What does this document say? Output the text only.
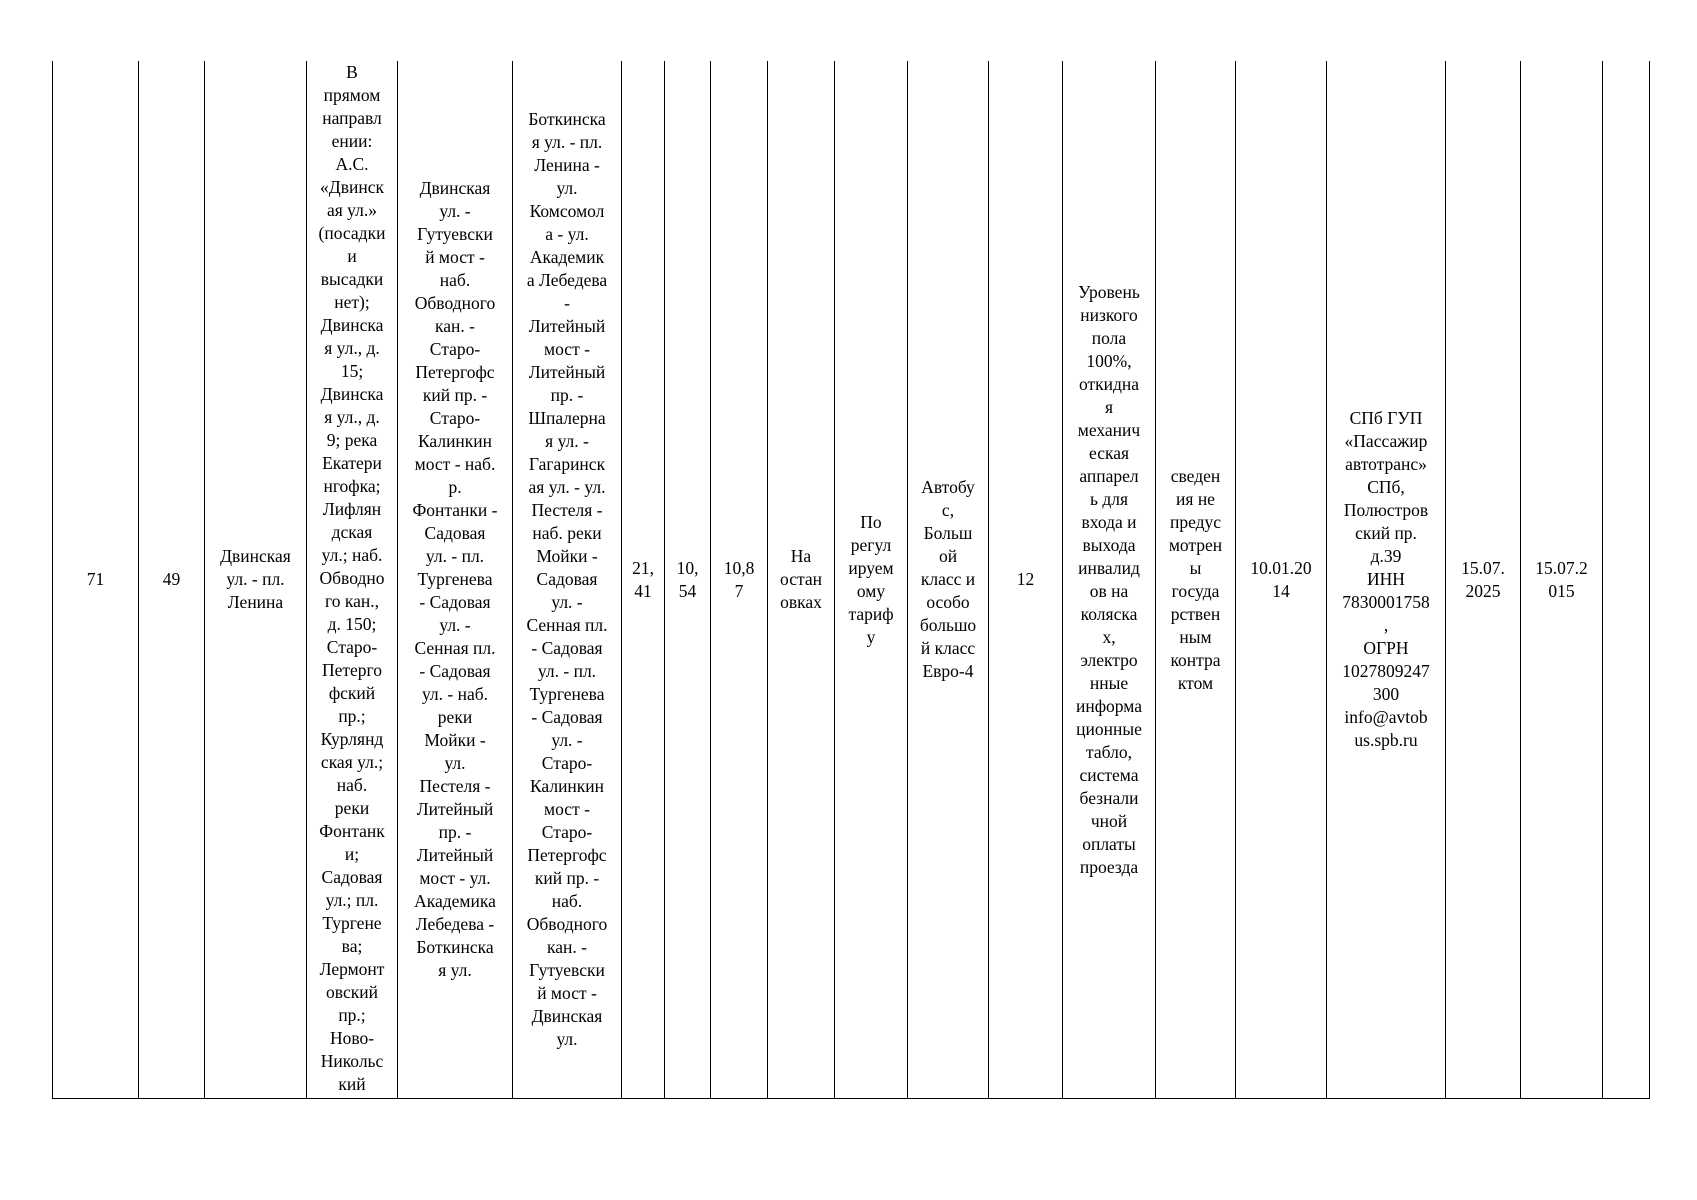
71	49

Двинская
ул. - пл.
Ленина

В
прямом
направл
ении:
А.С.
«Двинск
ая ул.»
(посадки
и
высадки
нет);
Двинска
я ул., д.
15;
Двинска
я ул., д.
9; река
Екатери
нгофка;
Лифлян
дская
ул.; наб.
Обводно
го кан.,
д. 150;
Старо-
Петерго
фский
пр.;
Курлянд
ская ул.;
наб.
реки
Фонтанк
и;
Садовая
ул.; пл.
Тургене
ва;
Лермонт
овский
пр.;
Ново-
Никольс
кий

Двинская
ул. -
Гутуевски
й мост -
наб.
Обводного
кан. -
Старо-
Петергофс
кий пр. -
Старо-
Калинкин
мост - наб.
р.
Фонтанки -
Садовая
ул. - пл.
Тургенева
- Садовая
ул. -
Сенная пл.
- Садовая
ул. - наб.
реки
Мойки -
ул.
Пестеля -
Литейный
пр. -
Литейный
мост - ул.
Академика
Лебедева -
Боткинска
я ул.

Боткинска
я ул. - пл.
Ленина -
ул.
Комсомол
а - ул.
Академик
а Лебедева
-
Литейный
мост -
Литейный
пр. -
Шпалерна
я ул. -
Гагаринск
ая ул. - ул.
Пестеля -
наб. реки
Мойки -
Садовая
ул. -
Сенная пл.
- Садовая
ул. - пл.
Тургенева
- Садовая
ул. -
Старо-
Калинкин
мост -
Старо-
Петергофс
кий пр. -
наб.
Обводного
кан. -
Гутуевски
й мост -
Двинская
ул.

21,
41

10,
54

10,8
7

На
остан
овках

По
регул
ируем
ому
тариф
у

Автобу
с,
Больш
ой
класс и
особо
большо
й класс
Евро-4

12

Уровень
низкого
пола
100%,
откидна
я
механич
еская
аппарел
ь для
входа и
выхода
инвалид
ов на
коляска
х,
электро
нные
информа
ционные
табло,
система
безнали
чной
оплаты
проезда

сведен
ия не
предус
мотрен
ы
госуда
рствен
ным
контра
ктом

10.01.20
14

СПб ГУП
«Пассажир
автотранс»
СПб,
Полюстров
ский пр.
д.39
ИНН
7830001758
,
ОГРН
1027809247
300
info@avtob
us.spb.ru

15.07.
2025

15.07.2
015
